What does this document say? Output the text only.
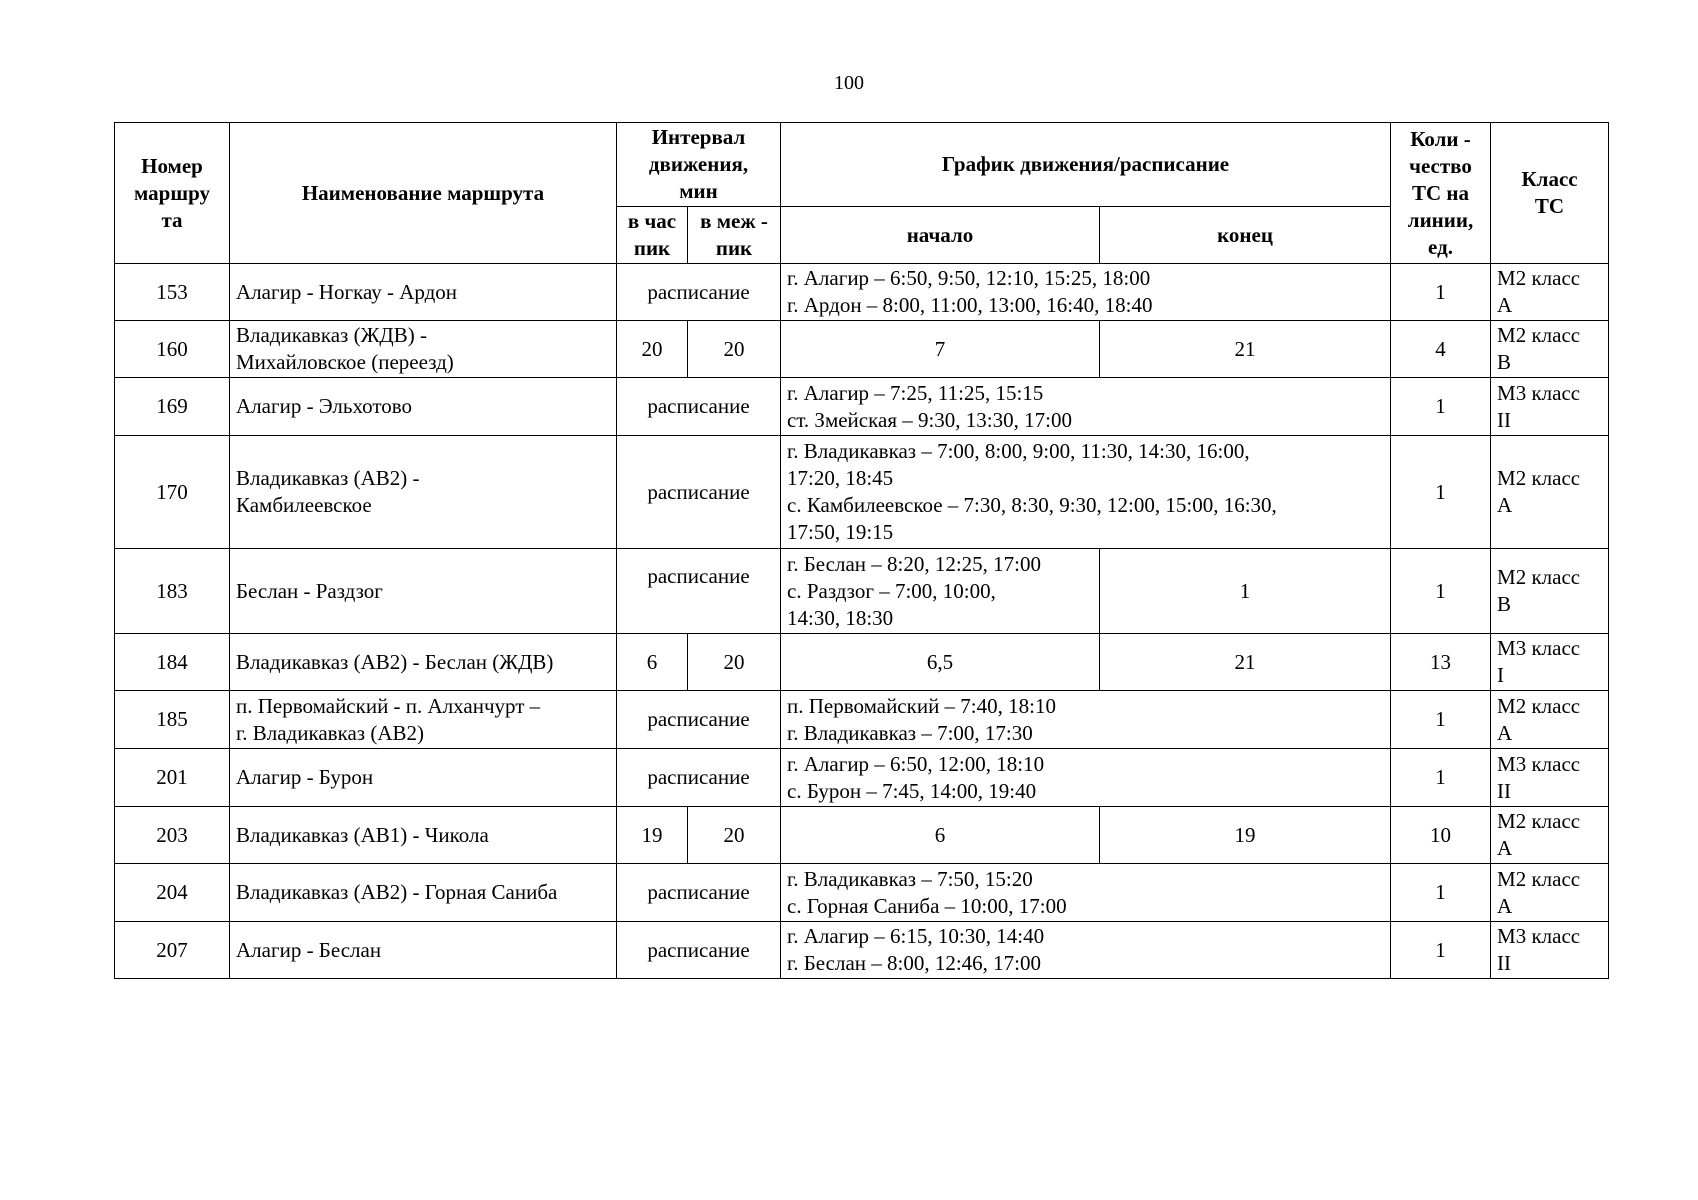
100
Номер
маршру
та	Наименование маршрута	Интервал
движения,
мин		График движения/расписание		Коли -
чество
ТС на
линии,
ед.	Класс
ТС

		в час
пик	в меж -
пик	начало	конец		
153	Алагир - Ногкау - Ардон	расписание		г. Алагир – 6:50, 9:50, 12:10, 15:25, 18:00
г. Ардон – 8:00, 11:00, 13:00, 16:40, 18:40		1	М2 класс
А

160	Владикавказ (ЖДВ) -
Михайловское (переезд)	20	20	7	21	4	М2 класс
В

169	Алагир - Эльхотово	расписание		г. Алагир – 7:25, 11:25, 15:15
ст. Змейская – 9:30, 13:30, 17:00		1	М3 класс
II

170	Владикавказ (АВ2) -
Камбилеевское	расписание		г. Владикавказ – 7:00, 8:00, 9:00, 11:30, 14:30, 16:00,
17:20, 18:45
с. Камбилеевское – 7:30, 8:30, 9:30, 12:00, 15:00, 16:30,
17:50, 19:15		1	М2 класс
А

183	Беслан - Раздзог	расписание		г. Беслан – 8:20, 12:25, 17:00
с. Раздзог – 7:00, 10:00,
14:30, 18:30	1	1	М2 класс
В

184	Владикавказ (АВ2) - Беслан (ЖДВ)	6	20	6,5	21	13	М3 класс
I

185	п. Первомайский - п. Алханчурт –
г. Владикавказ (АВ2)	расписание		п. Первомайский – 7:40, 18:10
г. Владикавказ – 7:00, 17:30		1	М2 класс
А

201	Алагир - Бурон	расписание		г. Алагир – 6:50, 12:00, 18:10
с. Бурон – 7:45, 14:00, 19:40		1	М3 класс
II

203	Владикавказ (АВ1) - Чикола	19	20	6	19	10	М2 класс
А

204	Владикавказ (АВ2) - Горная Саниба	расписание		г. Владикавказ – 7:50, 15:20
с. Горная Саниба – 10:00, 17:00		1	М2 класс
А

207	Алагир - Беслан	расписание		г. Алагир – 6:15, 10:30, 14:40
г. Беслан – 8:00, 12:46, 17:00		1	М3 класс
II
